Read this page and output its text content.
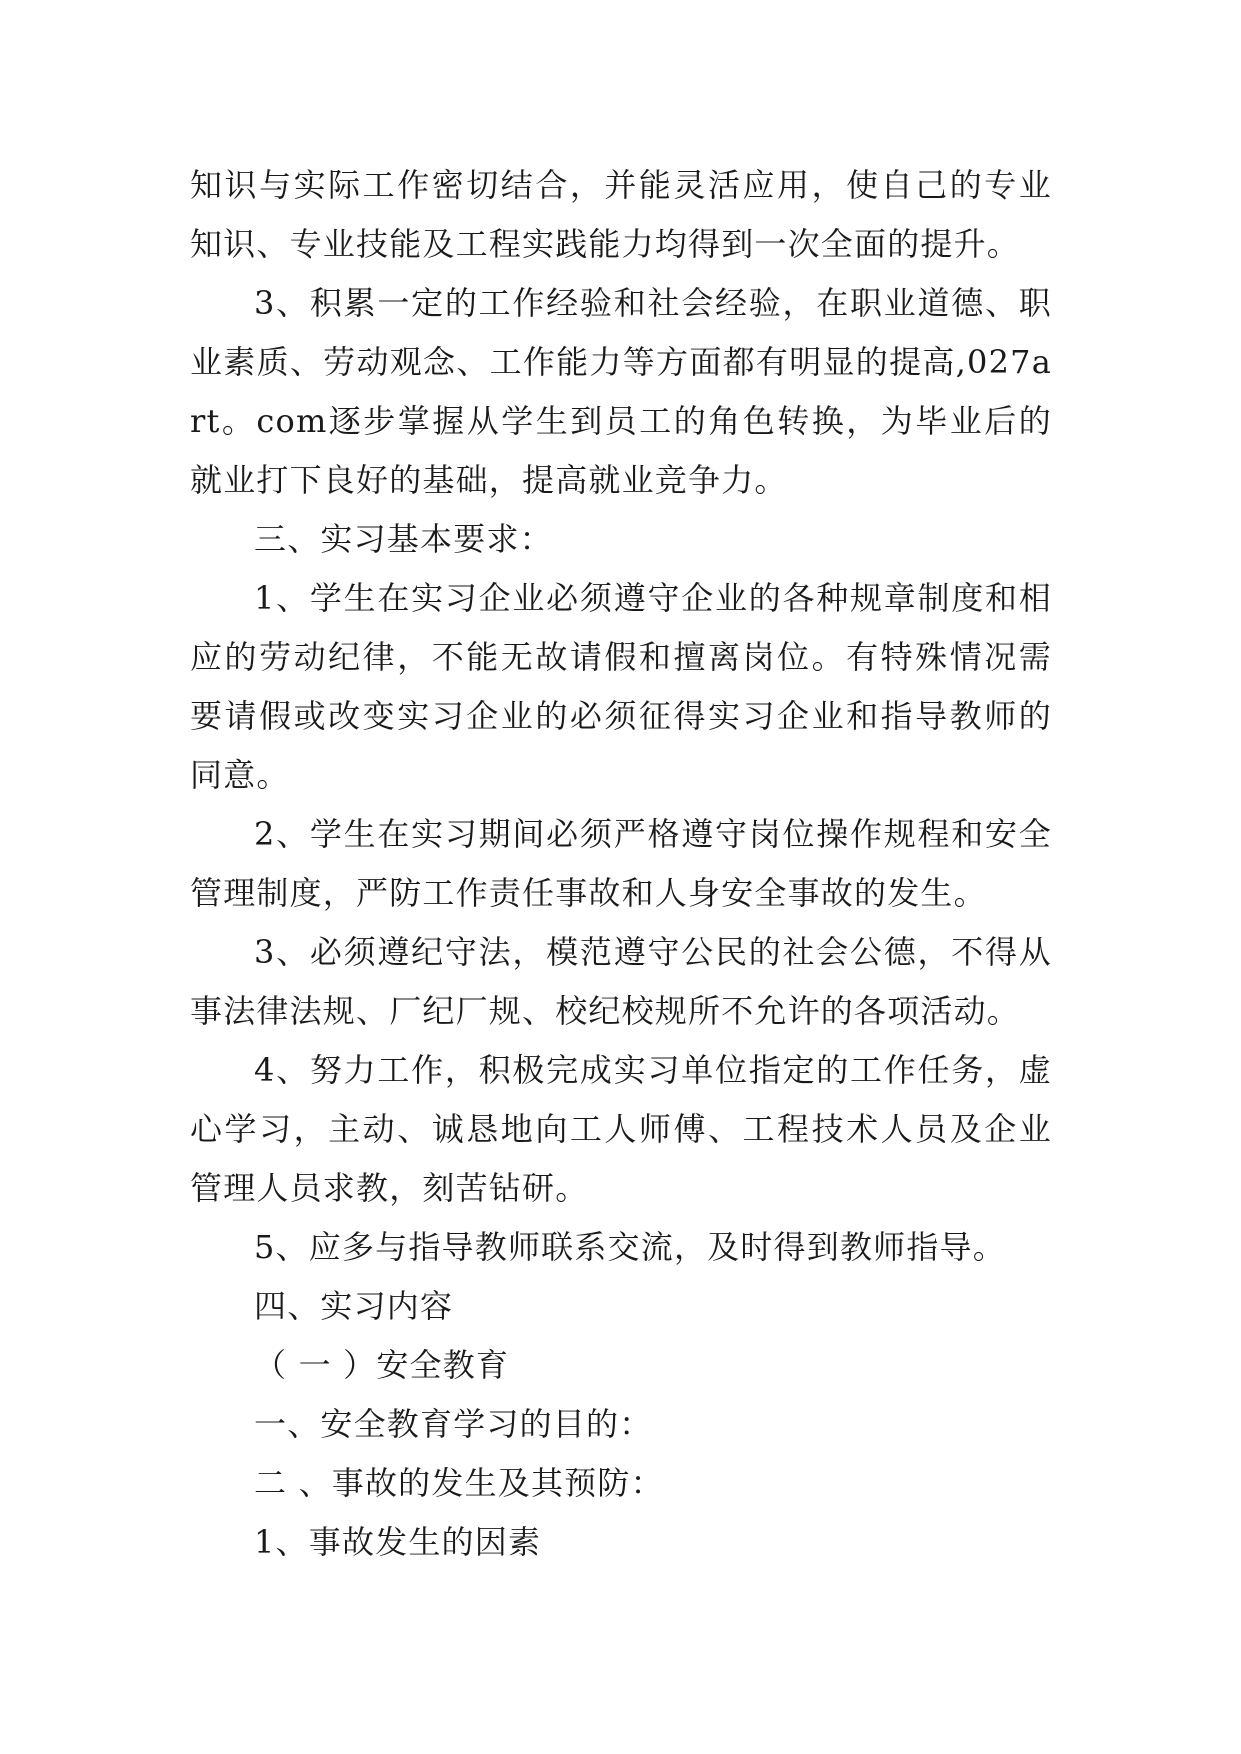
知识与实际工作密切结合，并能灵活应用，使自己的专业知识、专业技能及工程实践能力均得到一次全面的提升。

3、积累一定的工作经验和社会经验，在职业道德、职业素质、劳动观念、工作能力等方面都有明显的提高,027art。com逐步掌握从学生到员工的角色转换，为毕业后的就业打下良好的基础，提高就业竞争力。

三、实习基本要求：

1、学生在实习企业必须遵守企业的各种规章制度和相应的劳动纪律，不能无故请假和擅离岗位。有特殊情况需要请假或改变实习企业的必须征得实习企业和指导教师的同意。

2、学生在实习期间必须严格遵守岗位操作规程和安全管理制度，严防工作责任事故和人身安全事故的发生。

3、必须遵纪守法，模范遵守公民的社会公德，不得从事法律法规、厂纪厂规、校纪校规所不允许的各项活动。

4、努力工作，积极完成实习单位指定的工作任务，虚心学习，主动、诚恳地向工人师傅、工程技术人员及企业管理人员求教，刻苦钻研。

5、应多与指导教师联系交流，及时得到教师指导。

四、实习内容

（ 一 ）安全教育

一、安全教育学习的目的：

二 、事故的发生及其预防：

1、事故发生的因素
